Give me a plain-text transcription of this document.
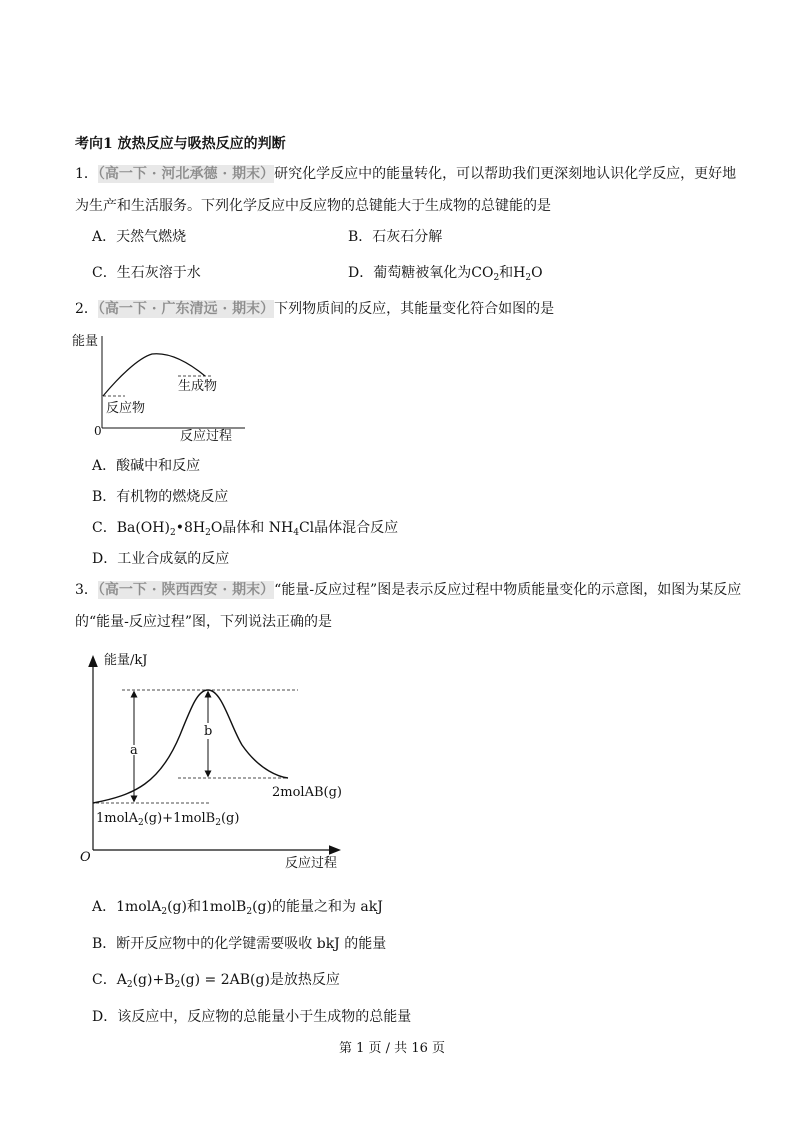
考向1 放热反应与吸热反应的判断
1．（高一下 · 河北承德 · 期末）研究化学反应中的能量转化，可以帮助我们更深刻地认识化学反应，更好地
为生产和生活服务。下列化学反应中反应物的总键能大于生成物的总键能的是
A．天然气燃烧	B．石灰石分解
C．生石灰溶于水	D．葡萄糖被氧化为$CO_2$和$H_2O$
2．（高一下 · 广东清远 · 期末）下列物质间的反应，其能量变化符合如图的是
能量
0	反应过程
反应物
生成物
A．酸碱中和反应
B．有机物的燃烧反应
C．$Ba(OH)_2•8H_2O$晶体和 $NH_4Cl$晶体混合反应
D．工业合成氨的反应
3．（高一下 · 陕西西安 · 期末）“能量-反应过程”图是表示反应过程中物质能量变化的示意图，如图为某反应
的“能量-反应过程”图，下列说法正确的是
能量/kJ
a
b
2molAB(g)
1molA$_2$(g)+1molB$_2$(g)
O	反应过程
A．1molA$_2$(g)和1molB$_2$(g)的能量之和为 akJ
B．断开反应物中的化学键需要吸收 bkJ 的能量
C．$A_2(g)+B_2(g) = 2AB(g)$是放热反应
D．该反应中，反应物的总能量小于生成物的总能量
第 1 页 / 共 16 页
